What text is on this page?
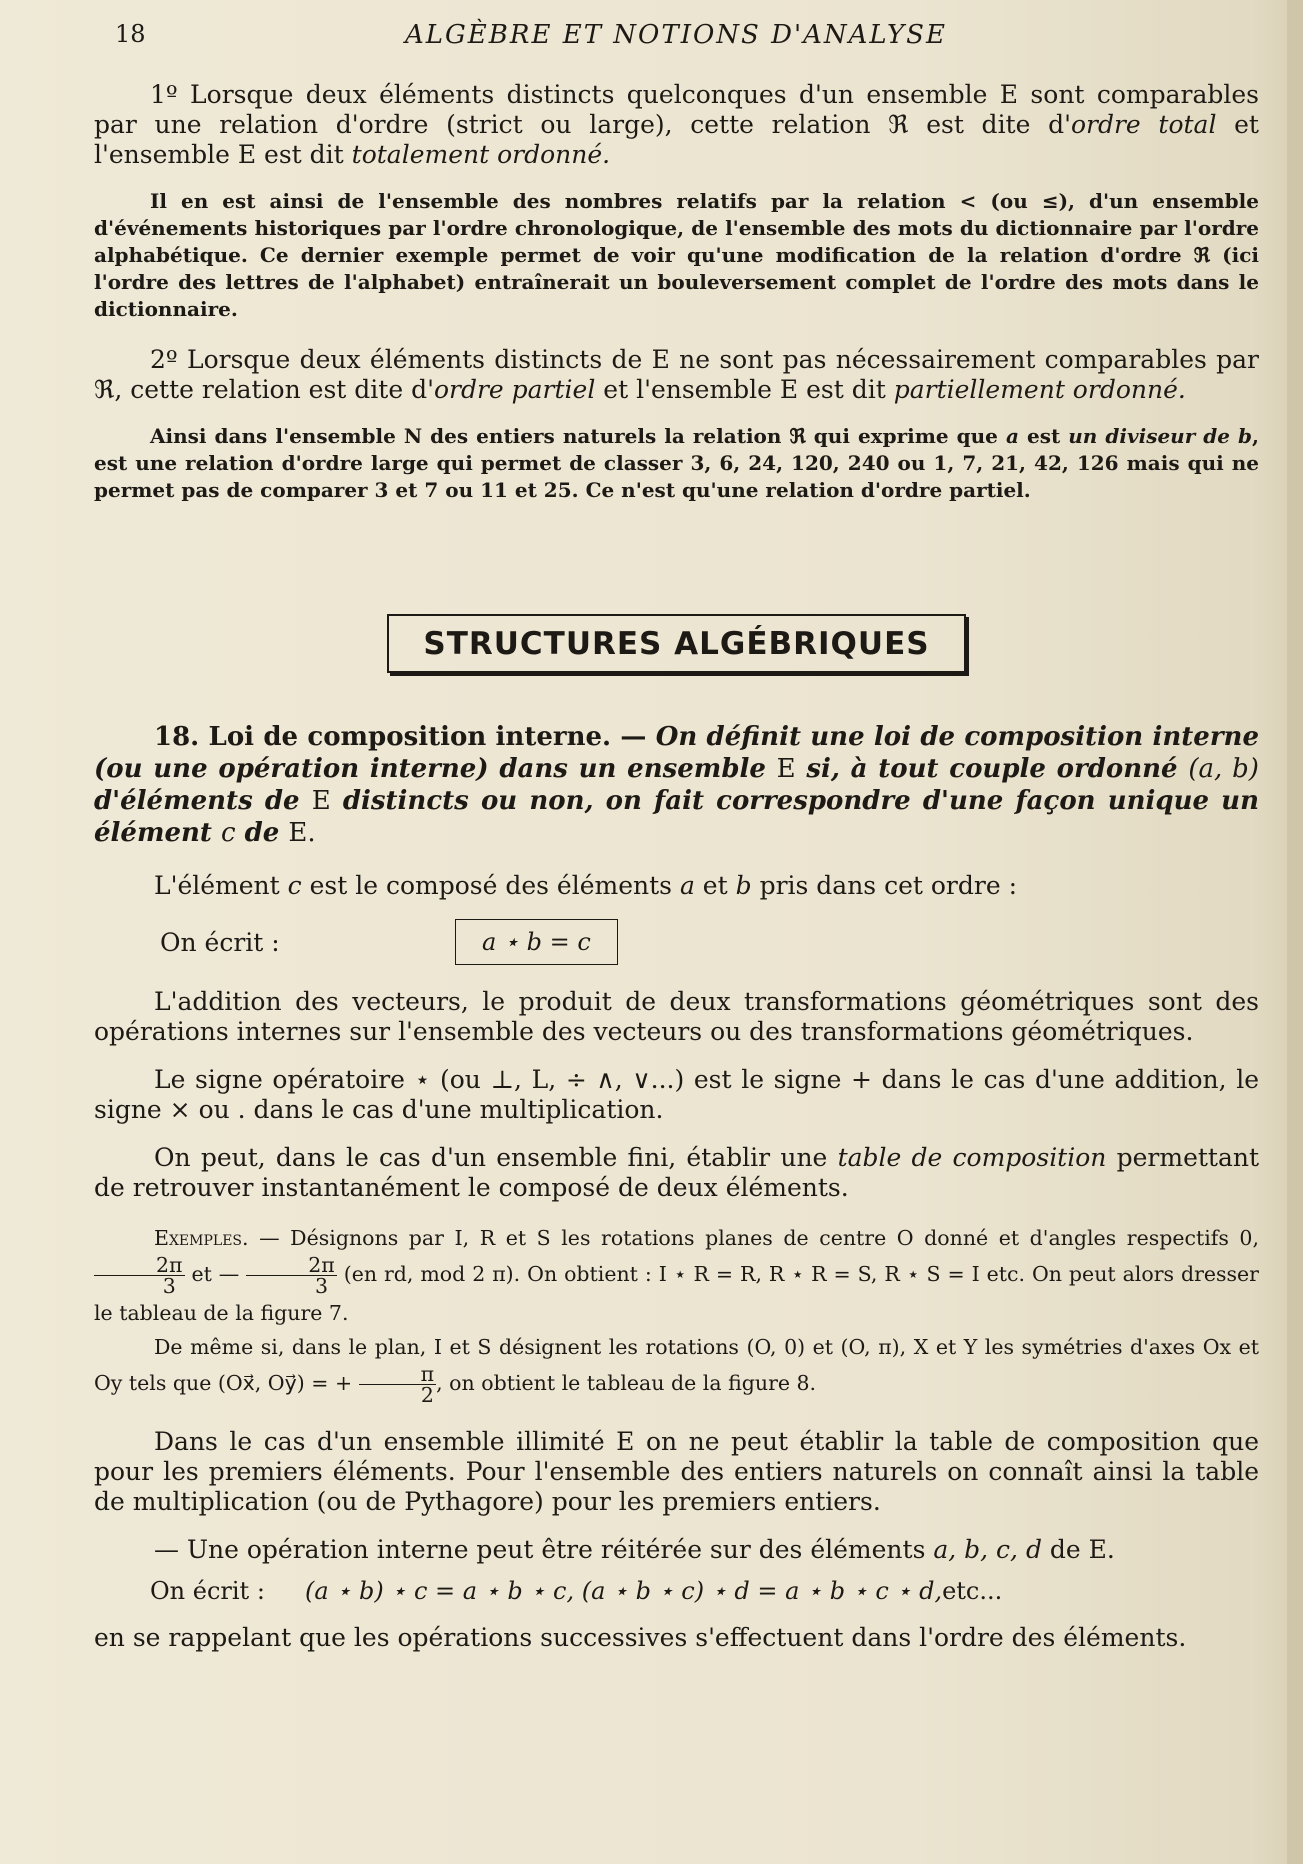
18	ALGÈBRE ET NOTIONS D'ANALYSE

1º Lorsque deux éléments distincts quelconques d'un ensemble E sont comparables par une relation d'ordre (strict ou large), cette relation ℜ est dite d'ordre total et l'ensemble E est dit totalement ordonné.

Il en est ainsi de l'ensemble des nombres relatifs par la relation < (ou ≤), d'un ensemble d'événements historiques par l'ordre chronologique, de l'ensemble des mots du dictionnaire par l'ordre alphabétique. Ce dernier exemple permet de voir qu'une modification de la relation d'ordre ℜ (ici l'ordre des lettres de l'alphabet) entraînerait un bouleversement complet de l'ordre des mots dans le dictionnaire.

2º Lorsque deux éléments distincts de E ne sont pas nécessairement comparables par ℜ, cette relation est dite d'ordre partiel et l'ensemble E est dit partiellement ordonné.

Ainsi dans l'ensemble N des entiers naturels la relation ℜ qui exprime que a est un diviseur de b, est une relation d'ordre large qui permet de classer 3, 6, 24, 120, 240 ou 1, 7, 21, 42, 126 mais qui ne permet pas de comparer 3 et 7 ou 11 et 25. Ce n'est qu'une relation d'ordre partiel.

STRUCTURES ALGÉBRIQUES

18. Loi de composition interne. — On définit une loi de composition interne (ou une opération interne) dans un ensemble E si, à tout couple ordonné (a, b) d'éléments de E distincts ou non, on fait correspondre d'une façon unique un élément c de E.

L'élément c est le composé des éléments a et b pris dans cet ordre :

On écrit :	a ⋆ b = c

L'addition des vecteurs, le produit de deux transformations géométriques sont des opérations internes sur l'ensemble des vecteurs ou des transformations géométriques.

Le signe opératoire ⋆ (ou ⊥, L, ÷ ∧, ∨...) est le signe + dans le cas d'une addition, le signe × ou . dans le cas d'une multiplication.

On peut, dans le cas d'un ensemble fini, établir une table de composition permettant de retrouver instantanément le composé de deux éléments.

Exemples. — Désignons par I, R et S les rotations planes de centre O donné et d'angles respectifs 0,
$\frac{2\pi}{3}$ et — $\frac{2\pi}{3} (en$ rd, mod 2 π). On obtient : I ⋆ R = R, R ⋆ R = S, R ⋆ S = I etc. On peut alors dresser le tableau de la figure 7.

De même si, dans le plan, I et S désignent les rotations (O, 0) et (O, π), X et Y les symétries d'axes Ox et Oy tels que (Ox⃗, Oy⃗) = + $\frac{\pi}{2}$ , on obtient le tableau de la figure 8.

Dans le cas d'un ensemble illimité E on ne peut établir la table de composition que pour les premiers éléments. Pour l'ensemble des entiers naturels on connaît ainsi la table de multiplication (ou de Pythagore) pour les premiers entiers.

— Une opération interne peut être réitérée sur des éléments a, b, c, d de E.

On écrit :	(a ⋆ b) ⋆ c = a ⋆ b ⋆ c, (a ⋆ b ⋆ c) ⋆ d = a ⋆ b ⋆ c ⋆ d, etc...

en se rappelant que les opérations successives s'effectuent dans l'ordre des éléments.
